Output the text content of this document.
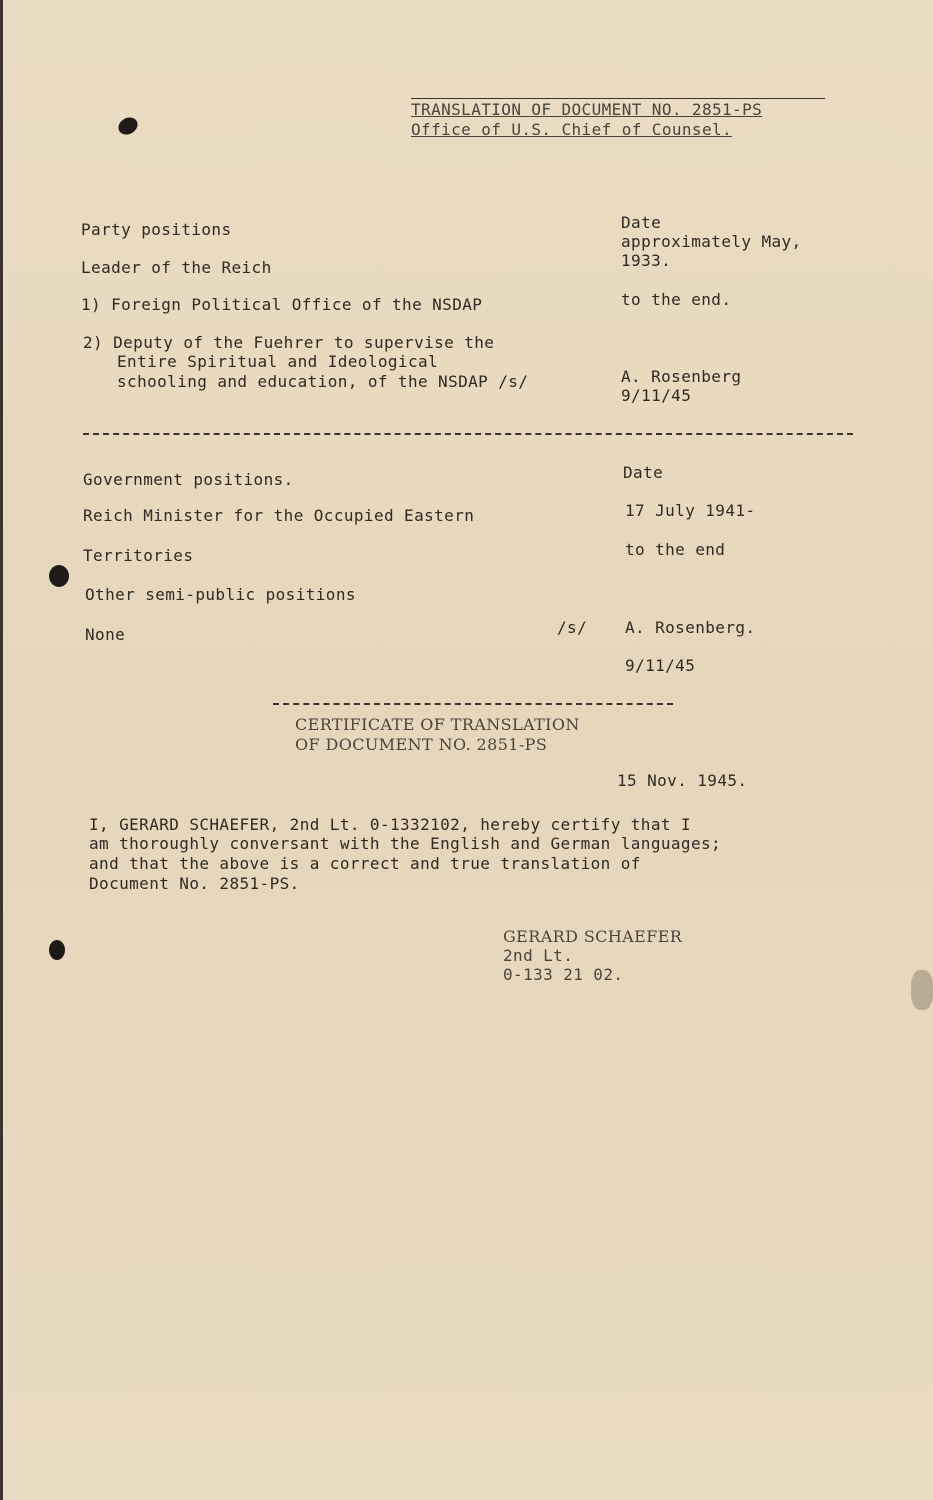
TRANSLATION OF DOCUMENT NO. 2851-PS
Office of U.S. Chief of Counsel.
Party positions	Date
approximately May,
1933.
Leader of the Reich
1) Foreign Political Office of the NSDAP	to the end.
2) Deputy of the Fuehrer to supervise the
Entire Spiritual and Ideological
schooling and education, of the NSDAP /s/	A. Rosenberg
9/11/45
Government positions.	Date
Reich Minister for the Occupied Eastern	17 July 1941-
Territories	to the end
Other semi-public positions
None	/s/ A. Rosenberg.
9/11/45
CERTIFICATE OF TRANSLATION
OF DOCUMENT NO. 2851-PS
15 Nov. 1945.
I, GERARD SCHAEFER, 2nd Lt. 0-1332102, hereby certify that I
am thoroughly conversant with the English and German languages;
and that the above is a correct and true translation of
Document No. 2851-PS.
GERARD SCHAEFER
2nd Lt.
0-133 21 02.
